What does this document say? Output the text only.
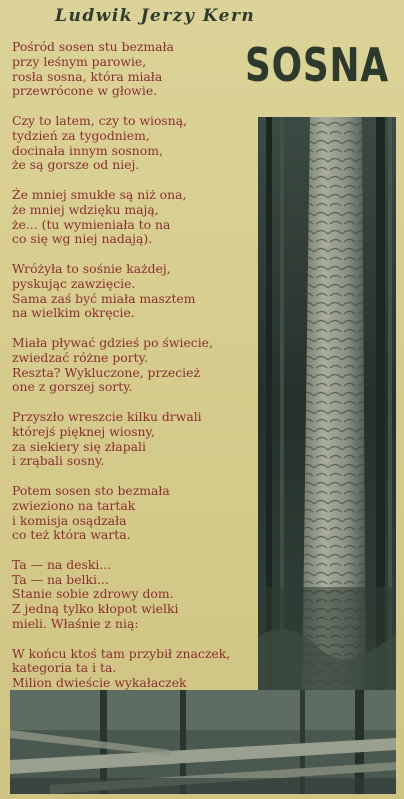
Ludwik Jerzy Kern
SOSNA

Pośród sosen stu bezmała
przy leśnym parowie,
rosła sosna, która miała
przewrócone w głowie.

Czy to latem, czy to wiosną,
tydzień za tygodniem,
docinała innym sosnom,
że są gorsze od niej.

Że mniej smukłe są niż ona,
że mniej wdzięku mają,
że... (tu wymieniała to na
co się wg niej nadają).

Wróżyła to sośnie każdej,
pyskując zawzięcie.
Sama zaś być miała masztem
na wielkim okręcie.

Miała pływać gdzieś po świecie,
zwiedzać różne porty.
Reszta? Wykluczone, przecież
one z gorszej sorty.

Przyszło wreszcie kilku drwali
którejś pięknej wiosny,
za siekiery się złapali
i zrąbali sosny.

Potem sosen sto bezmała
zwieziono na tartak
i komisja osądzała
co też która warta.

Ta — na deski...
Ta — na belki...
Stanie sobie zdrowy dom.
Z jedną tylko kłopot wielki
mieli. Właśnie z nią:

W końcu ktoś tam przybił znaczek,
kategoria ta i ta.
Milion dwieście wykałaczek
